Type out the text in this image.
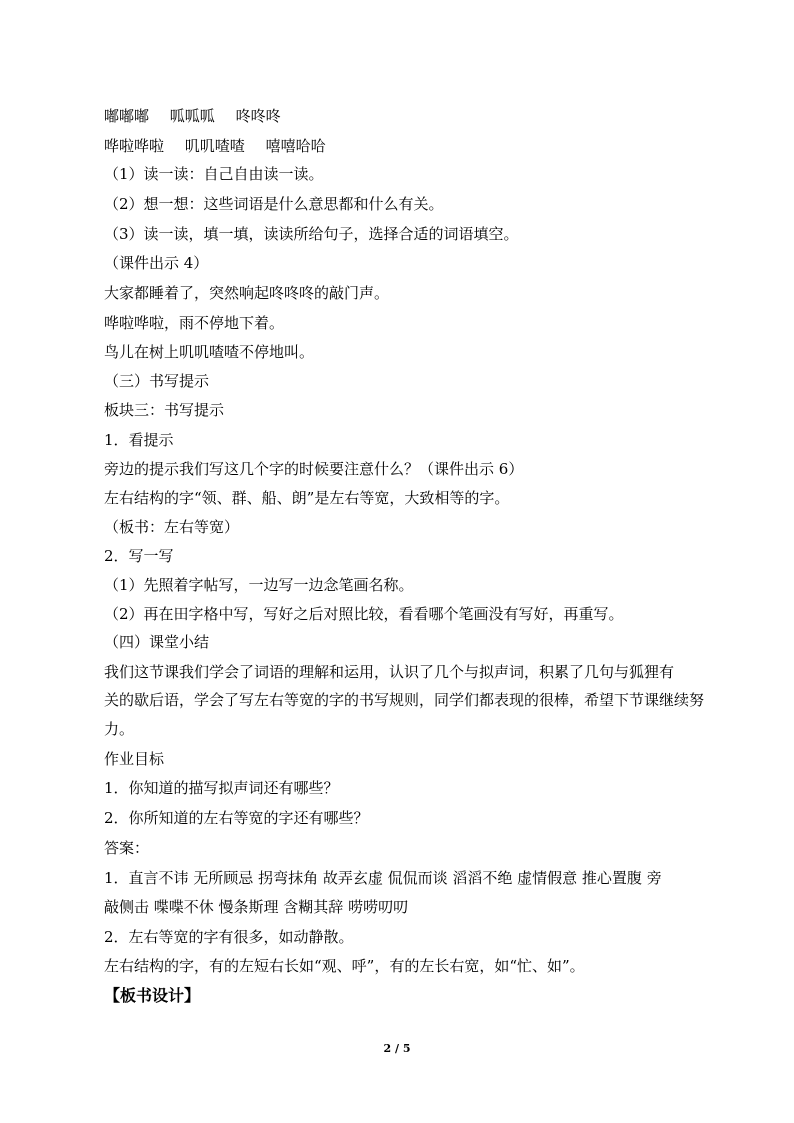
嘟嘟嘟 呱呱呱 咚咚咚
哗啦哗啦 叽叽喳喳 嘻嘻哈哈
（1）读一读：自己自由读一读。
（2）想一想：这些词语是什么意思都和什么有关。
（3）读一读，填一填，读读所给句子，选择合适的词语填空。
（课件出示 4）
大家都睡着了，突然响起咚咚咚的敲门声。
哗啦哗啦，雨不停地下着。
鸟儿在树上叽叽喳喳不停地叫。
（三）书写提示
板块三：书写提示
1．看提示
旁边的提示我们写这几个字的时候要注意什么？（课件出示 6）
左右结构的字“领、群、船、朗”是左右等宽，大致相等的字。
（板书：左右等宽）
2．写一写
（1）先照着字帖写，一边写一边念笔画名称。
（2）再在田字格中写，写好之后对照比较，看看哪个笔画没有写好，再重写。
（四）课堂小结
我们这节课我们学会了词语的理解和运用，认识了几个与拟声词，积累了几句与狐狸有
关的歇后语，学会了写左右等宽的字的书写规则，同学们都表现的很棒，希望下节课继续努
力。
作业目标
1．你知道的描写拟声词还有哪些？
2．你所知道的左右等宽的字还有哪些？
答案：
1．直言不讳 无所顾忌 拐弯抹角 故弄玄虚 侃侃而谈 滔滔不绝 虚情假意 推心置腹 旁
敲侧击 喋喋不休 慢条斯理 含糊其辞 唠唠叨叨
2．左右等宽的字有很多，如动静散。
左右结构的字，有的左短右长如“观、呼”，有的左长右宽，如“忙、如”。
【板书设计】
2 / 5
